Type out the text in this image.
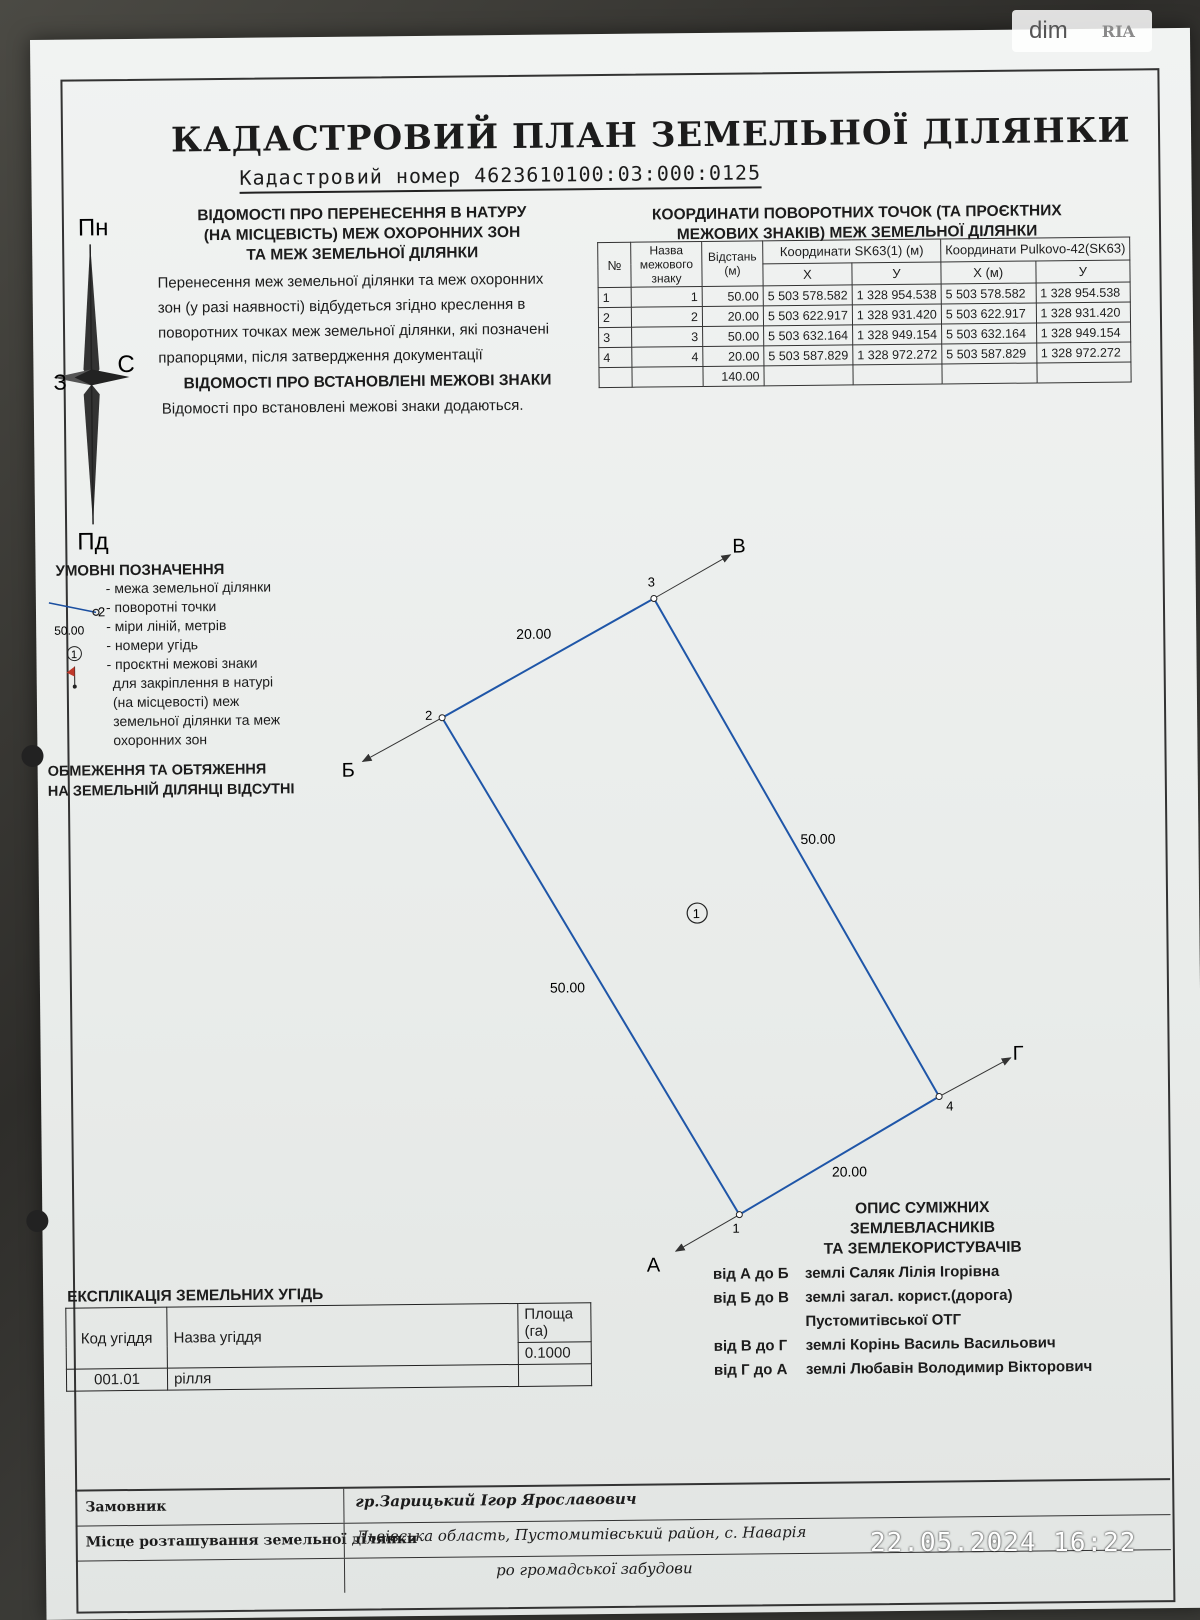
КАДАСТРОВИЙ ПЛАН ЗЕМЕЛЬНОЇ ДІЛЯНКИ
Кадастровий номер 4623610100:03:000:0125
Пн
Пд
З
С
ВІДОМОСТІ ПРО ПЕРЕНЕСЕННЯ В НАТУРУ
(НА МІСЦЕВІСТЬ) МЕЖ ОХОРОННИХ ЗОН
ТА МЕЖ ЗЕМЕЛЬНОЇ ДІЛЯНКИ
Перенесення меж земельної ділянки та меж охоронних
зон (у разі наявності) відбудеться згідно креслення в
поворотних точках меж земельної ділянки, які позначені
прапорцями, після затвердження документації
ВІДОМОСТІ ПРО ВСТАНОВЛЕНІ МЕЖОВІ ЗНАКИ
Відомості про встановлені межові знаки додаються.
КООРДИНАТИ ПОВОРОТНИХ ТОЧОК (ТА ПРОЄКТНИХ
МЕЖОВИХ ЗНАКІВ) МЕЖ ЗЕМЕЛЬНОЇ ДІЛЯНКИ
№	Назва межового знаку	Відстань (м)	Координати SK63(1) (м)		Координати Pulkovo-42(SK63)	
			X	У	X (м)	У
1	1	50.00	5 503 578.582	1 328 954.538	5 503 578.582	1 328 954.538
2	2	20.00	5 503 622.917	1 328 931.420	5 503 622.917	1 328 931.420
3	3	50.00	5 503 632.164	1 328 949.154	5 503 632.164	1 328 949.154
4	4	20.00	5 503 587.829	1 328 972.272	5 503 587.829	1 328 972.272
		140.00				
УМОВНІ ПОЗНАЧЕННЯ
2
50.00
1
- межа земельної ділянки
- поворотні точки
- міри ліній, метрів
- номери угідь
- проєктні межові знаки
для закріплення в натурі
(на місцевості) меж
земельної ділянки та меж
охоронних зон
ОБМЕЖЕННЯ ТА ОБТЯЖЕННЯ
НА ЗЕМЕЛЬНІЙ ДІЛЯНЦІ ВІДСУТНІ
1
2
3
4
А
Б
В
Г
50.00
20.00
50.00
20.00
1
ЕКСПЛІКАЦІЯ ЗЕМЕЛЬНИХ УГІДЬ
Код угіддя	Назва угіддя	Площа (га)
		0.1000
001.01	рілля	
ОПИС СУМІЖНИХ ЗЕМЛЕВЛАСНИКІВ
ТА ЗЕМЛЕКОРИСТУВАЧІВ
від А до Б	землі Саляк Лілія Ігорівна
від Б до В	землі загал. корист.(дорога)
Пустомитівської ОТГ
від В до Г	землі Корінь Василь Васильович
від Г до А	землі Любавін Володимир Вікторович
Замовник	гр.Зарицький Ігор Ярославович
Місце розташування земельної ділянки
Львівська область, Пустомитівський район, с. Наварія
ро громадської забудови
dim RIA
22.05.2024 16:22
